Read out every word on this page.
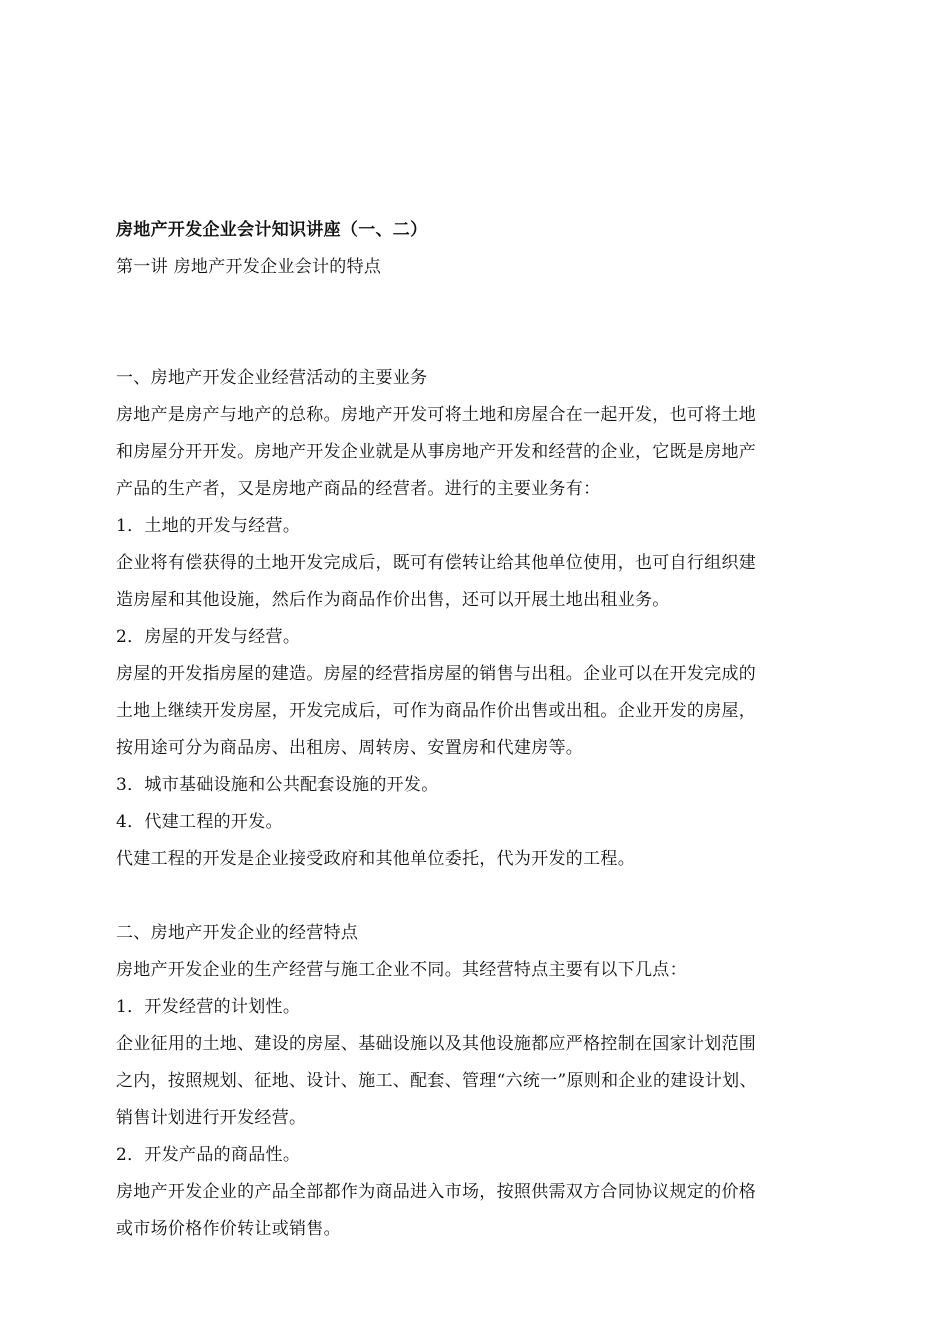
房地产开发企业会计知识讲座（一、二）
第一讲 房地产开发企业会计的特点
一、房地产开发企业经营活动的主要业务
房地产是房产与地产的总称。房地产开发可将土地和房屋合在一起开发，也可将土地
和房屋分开开发。房地产开发企业就是从事房地产开发和经营的企业，它既是房地产
产品的生产者，又是房地产商品的经营者。进行的主要业务有：
1．土地的开发与经营。
企业将有偿获得的土地开发完成后，既可有偿转让给其他单位使用，也可自行组织建
造房屋和其他设施，然后作为商品作价出售，还可以开展土地出租业务。
2．房屋的开发与经营。
房屋的开发指房屋的建造。房屋的经营指房屋的销售与出租。企业可以在开发完成的
土地上继续开发房屋，开发完成后，可作为商品作价出售或出租。企业开发的房屋，
按用途可分为商品房、出租房、周转房、安置房和代建房等。
3．城市基础设施和公共配套设施的开发。
4．代建工程的开发。
代建工程的开发是企业接受政府和其他单位委托，代为开发的工程。
二、房地产开发企业的经营特点
房地产开发企业的生产经营与施工企业不同。其经营特点主要有以下几点：
1．开发经营的计划性。
企业征用的土地、建设的房屋、基础设施以及其他设施都应严格控制在国家计划范围
之内，按照规划、征地、设计、施工、配套、管理“六统一”原则和企业的建设计划、
销售计划进行开发经营。
2．开发产品的商品性。
房地产开发企业的产品全部都作为商品进入市场，按照供需双方合同协议规定的价格
或市场价格作价转让或销售。
